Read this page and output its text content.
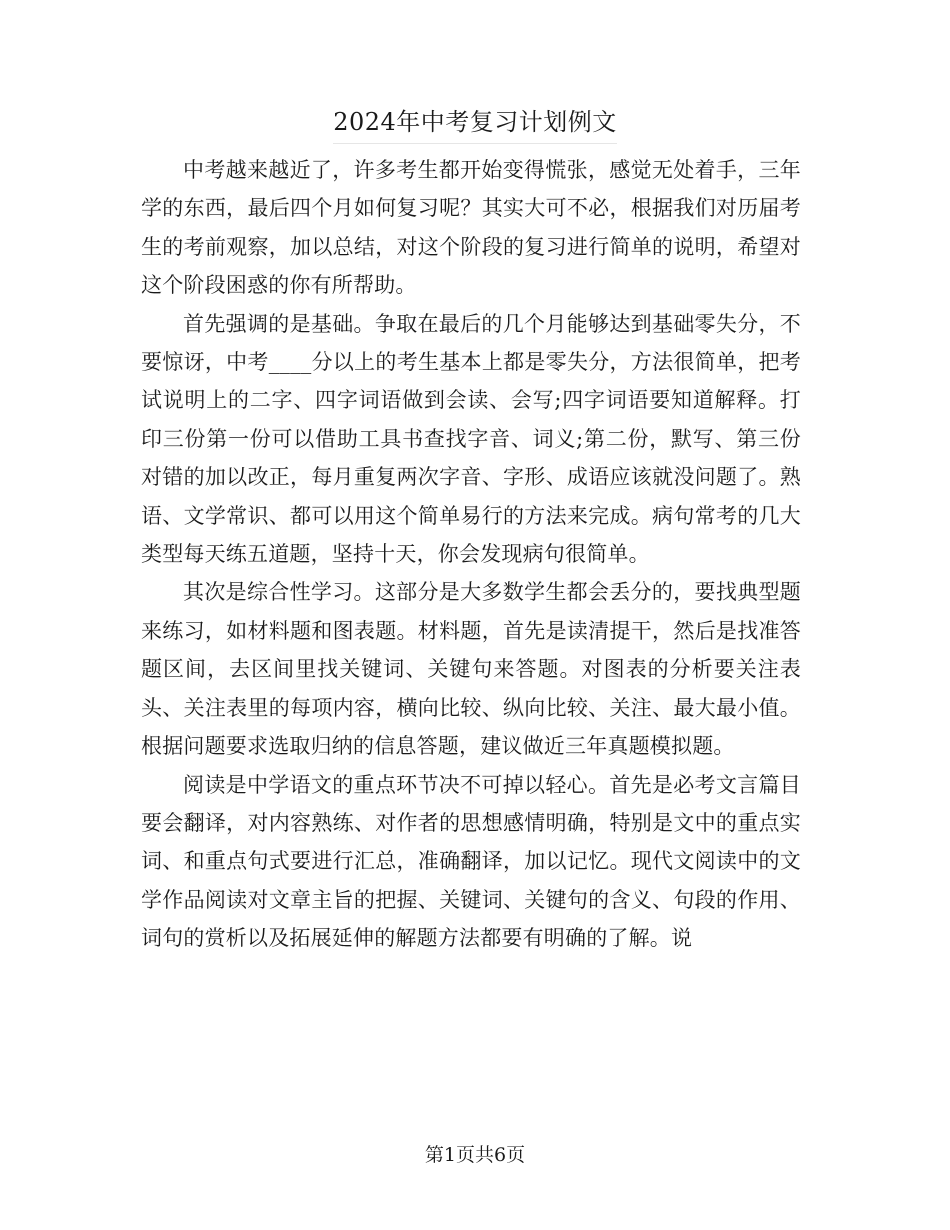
2024年中考复习计划例文

中考越来越近了，许多考生都开始变得慌张，感觉无处着手，三年学的东西，最后四个月如何复习呢？其实大可不必，根据我们对历届考生的考前观察，加以总结，对这个阶段的复习进行简单的说明，希望对这个阶段困惑的你有所帮助。

首先强调的是基础。争取在最后的几个月能够达到基础零失分，不要惊讶，中考____分以上的考生基本上都是零失分，方法很简单，把考试说明上的二字、四字词语做到会读、会写;四字词语要知道解释。打印三份第一份可以借助工具书查找字音、词义;第二份，默写、第三份对错的加以改正，每月重复两次字音、字形、成语应该就没问题了。熟语、文学常识、都可以用这个简单易行的方法来完成。病句常考的几大类型每天练五道题，坚持十天，你会发现病句很简单。

其次是综合性学习。这部分是大多数学生都会丢分的，要找典型题来练习，如材料题和图表题。材料题，首先是读清提干，然后是找准答题区间，去区间里找关键词、关键句来答题。对图表的分析要关注表头、关注表里的每项内容，横向比较、纵向比较、关注、最大最小值。根据问题要求选取归纳的信息答题，建议做近三年真题模拟题。

阅读是中学语文的重点环节决不可掉以轻心。首先是必考文言篇目要会翻译，对内容熟练、对作者的思想感情明确，特别是文中的重点实词、和重点句式要进行汇总，准确翻译，加以记忆。现代文阅读中的文学作品阅读对文章主旨的把握、关键词、关键句的含义、句段的作用、词句的赏析以及拓展延伸的解题方法都要有明确的了解。说

第1页共6页
